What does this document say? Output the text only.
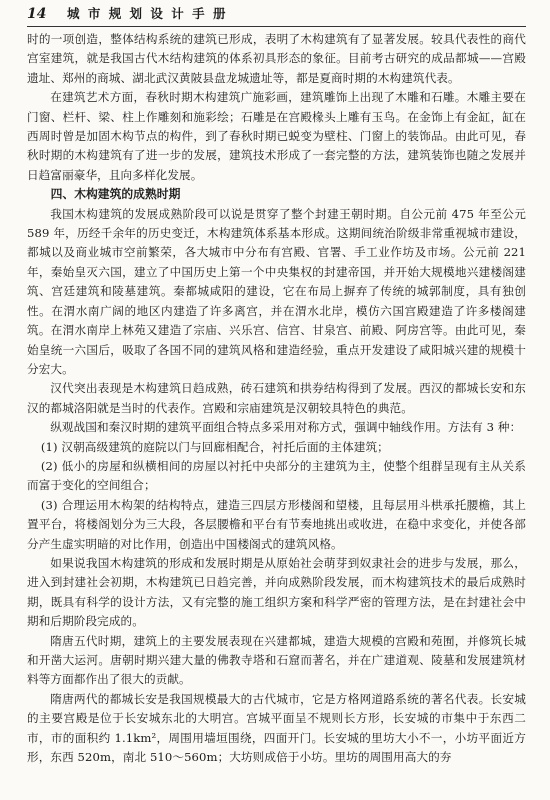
14	城 市 规 划 设 计 手 册

时的一项创造，整体结构系统的建筑已形成，表明了木构建筑有了显著发展。较具代表性的商代宫室建筑，就是我国古代木结构建筑的体系初具形态的象征。目前考古研究的成品都城——宫殿遗址、郑州的商城、湖北武汉黄陂县盘龙城遗址等，都是夏商时期的木构建筑代表。

在建筑艺术方面，春秋时期木构建筑广施彩画，建筑雕饰上出现了木雕和石雕。木雕主要在门窗、栏杆、梁、柱上作雕刻和施彩绘；石雕是在宫殿椽头上雕有玉鸟。在金饰上有金缸，缸在西周时曾是加固木构节点的构件，到了春秋时期已蜕变为壁柱、门窗上的装饰品。由此可见，春秋时期的木构建筑有了进一步的发展，建筑技术形成了一套完整的方法，建筑装饰也随之发展并日趋富丽豪华，且向多样化发展。

四、木构建筑的成熟时期

我国木构建筑的发展成熟阶段可以说是贯穿了整个封建王朝时期。自公元前 475 年至公元 589 年，历经千余年的历史变迁，木构建筑体系基本形成。这期间统治阶级非常重视城市建设，都城以及商业城市空前繁荣，各大城市中分布有宫殿、官署、手工业作坊及市场。公元前 221 年，秦始皇灭六国，建立了中国历史上第一个中央集权的封建帝国，并开始大规模地兴建楼阁建筑、宫廷建筑和陵墓建筑。秦都城咸阳的建设，它在布局上摒弃了传统的城郭制度，具有独创性。在渭水南广阔的地区内建造了许多离宫，并在渭水北岸，模仿六国宫殿建造了许多楼阁建筑。在渭水南岸上林苑又建造了宗庙、兴乐宫、信宫、甘泉宫、前殿、阿房宫等。由此可见，秦始皇统一六国后，吸取了各国不同的建筑风格和建造经验，重点开发建设了咸阳城兴建的规模十分宏大。

汉代突出表现是木构建筑日趋成熟，砖石建筑和拱券结构得到了发展。西汉的都城长安和东汉的都城洛阳就是当时的代表作。宫殿和宗庙建筑是汉朝较具特色的典范。

纵观战国和秦汉时期的建筑平面组合特点多采用对称方式，强调中轴线作用。方法有 3 种：

(1) 汉朝高级建筑的庭院以门与回廊相配合，衬托后面的主体建筑；

(2) 低小的房屋和纵横相间的房屋以衬托中央部分的主建筑为主，使整个组群呈现有主从关系而富于变化的空间组合；

(3) 合理运用木构架的结构特点，建造三四层方形楼阁和望楼，且每层用斗栱承托腰檐，其上置平台，将楼阁划分为三大段，各层腰檐和平台有节奏地挑出或收进，在稳中求变化，并使各部分产生虚实明暗的对比作用，创造出中国楼阁式的建筑风格。

如果说我国木构建筑的形成和发展时期是从原始社会萌芽到奴隶社会的进步与发展，那么，进入到封建社会初期，木构建筑已日趋完善，并向成熟阶段发展，而木构建筑技术的最后成熟时期，既具有科学的设计方法，又有完整的施工组织方案和科学严密的管理方法，是在封建社会中期和后期阶段完成的。

隋唐五代时期，建筑上的主要发展表现在兴建都城，建造大规模的宫殿和苑囿，并修筑长城和开凿大运河。唐朝时期兴建大量的佛教寺塔和石窟而著名，并在广建道观、陵墓和发展建筑材料等方面都作出了很大的贡献。

隋唐两代的都城长安是我国规模最大的古代城市，它是方格网道路系统的著名代表。长安城的主要宫殿是位于长安城东北的大明宫。宫城平面呈不规则长方形，长安城的市集中于东西二市，市的面积约 1.1km²，周围用墙垣围绕，四面开门。长安城的里坊大小不一，小坊平面近方形，东西 520m，南北 510～560m；大坊则成倍于小坊。里坊的周围用高大的夯
